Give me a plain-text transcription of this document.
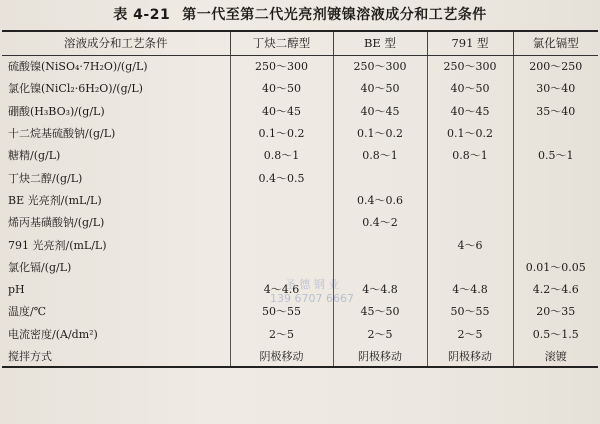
表 4-21 第一代至第二代光亮剂镀镍溶液成分和工艺条件
溶液成分和工艺条件	丁炔二醇型	BE 型	791 型	氯化镉型
硫酸镍(NiSO₄·7H₂O)/(g/L)	250～300	250～300	250～300	200～250
氯化镍(NiCl₂·6H₂O)/(g/L)	40～50	40～50	40～50	30～40
硼酸(H₃BO₃)/(g/L)	40～45	40～45	40～45	35～40
十二烷基硫酸钠/(g/L)	0.1～0.2	0.1～0.2	0.1～0.2	
糖精/(g/L)	0.8～1	0.8～1	0.8～1	0.5～1
丁炔二醇/(g/L)	0.4～0.5			
BE 光亮剂/(mL/L)		0.4～0.6		
烯丙基磺酸钠/(g/L)		0.4～2		
791 光亮剂/(mL/L)			4～6	
氯化镉/(g/L)				0.01～0.05
pH	4～4.6	4～4.8	4～4.8	4.2～4.6
温度/℃	50～55	45～50	50～55	20～35
电流密度/(A/dm²)	2～5	2～5	2～5	0.5～1.5
搅拌方式	阴极移动	阴极移动	阴极移动	滚镀
圣 德 钢 业
139 6707 6667
